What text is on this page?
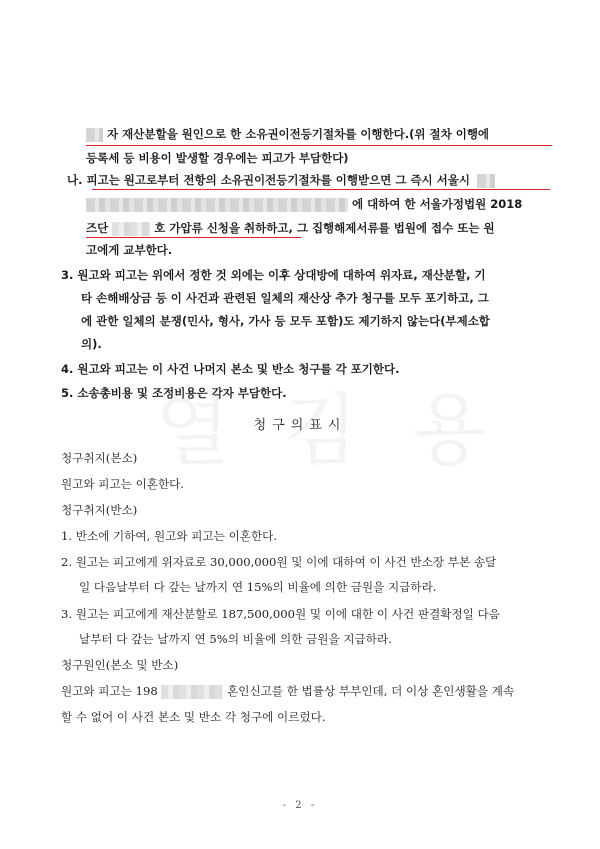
자 재산분할을 원인으로 한 소유권이전등기절차를 이행한다.(위 절차 이행에
등록세 등 비용이 발생할 경우에는 피고가 부담한다)
나. 피고는 원고로부터 전항의 소유권이전등기절차를 이행받으면 그 즉시 서울시
에 대하여 한 서울가정법원 2018
즈단	호 가압류 신청을 취하하고, 그 집행해제서류를 법원에 접수 또는 원
고에게 교부한다.
3. 원고와 피고는 위에서 정한 것 외에는 이후 상대방에 대하여 위자료, 재산분할, 기
타 손해배상금 등 이 사건과 관련된 일체의 재산상 추가 청구를 모두 포기하고, 그
에 관한 일체의 분쟁(민사, 형사, 가사 등 모두 포함)도 제기하지 않는다(부제소합
의).
4. 원고와 피고는 이 사건 나머지 본소 및 반소 청구를 각 포기한다.
5. 소송총비용 및 조정비용은 각자 부담한다.
청구의표시
청구취지(본소)
원고와 피고는 이혼한다.
청구취지(반소)
1. 반소에 기하여, 원고와 피고는 이혼한다.
2. 원고는 피고에게 위자료로 30,000,000원 및 이에 대하여 이 사건 반소장 부본 송달
일 다음날부터 다 갚는 날까지 연 15%의 비율에 의한 금원을 지급하라.
3. 원고는 피고에게 재산분할로 187,500,000원 및 이에 대한 이 사건 판결확정일 다음
날부터 다 갚는 날까지 연 5%의 비율에 의한 금원을 지급하라.
청구원인(본소 및 반소)
원고와 피고는 198	혼인신고를 한 법률상 부부인데, 더 이상 혼인생활을 계속
할 수 없어 이 사건 본소 및 반소 각 청구에 이르렀다.
- 2 -
